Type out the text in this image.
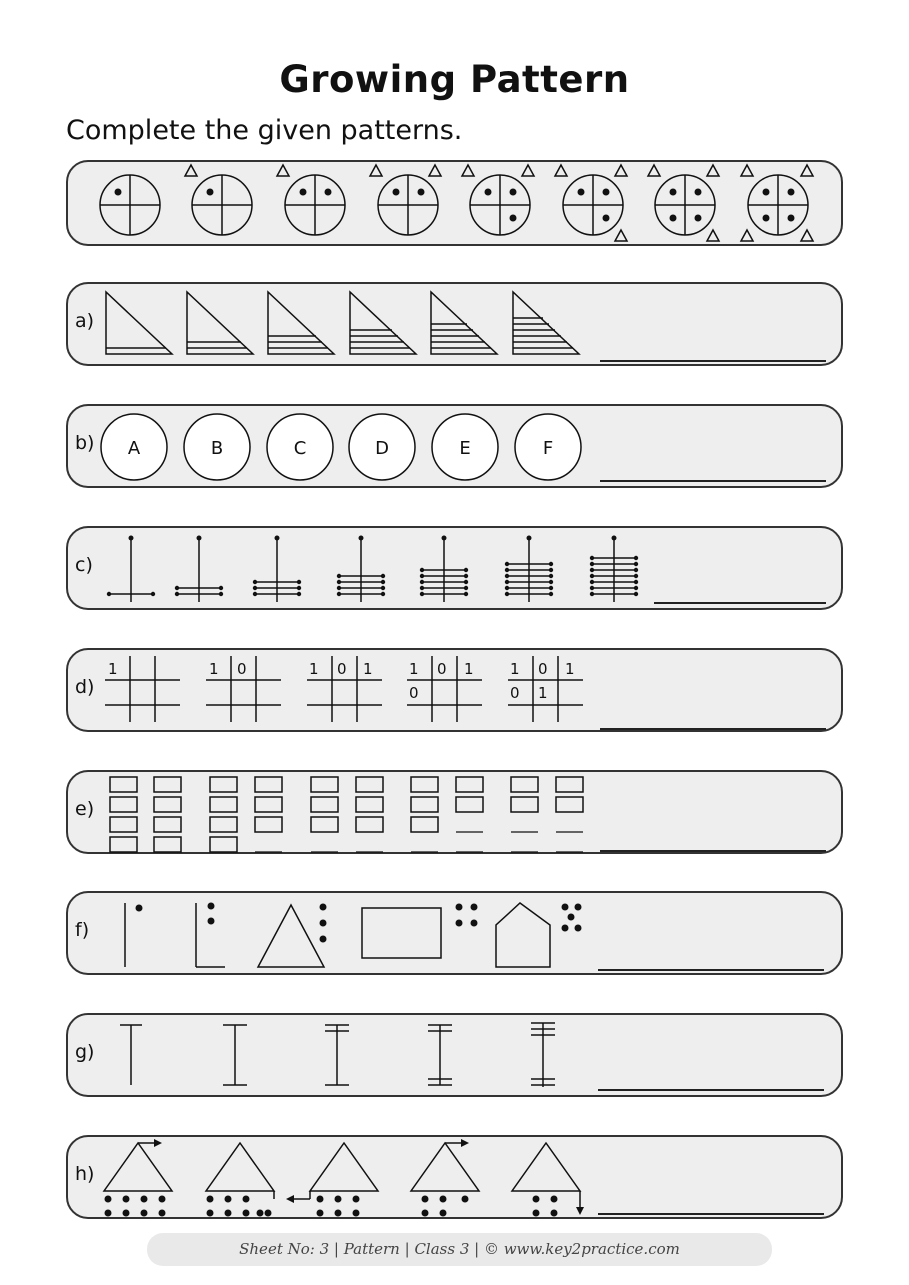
Growing Pattern
Complete the given patterns.
a)
b) A	B	C	D	E	F
c)
d)
1	1 0	1 0 1 1 0 1
0
1 0 1
0 1
e)
f)
g)
h)
Sheet No: 3 | Pattern | Class 3 | © www.key2practice.com
